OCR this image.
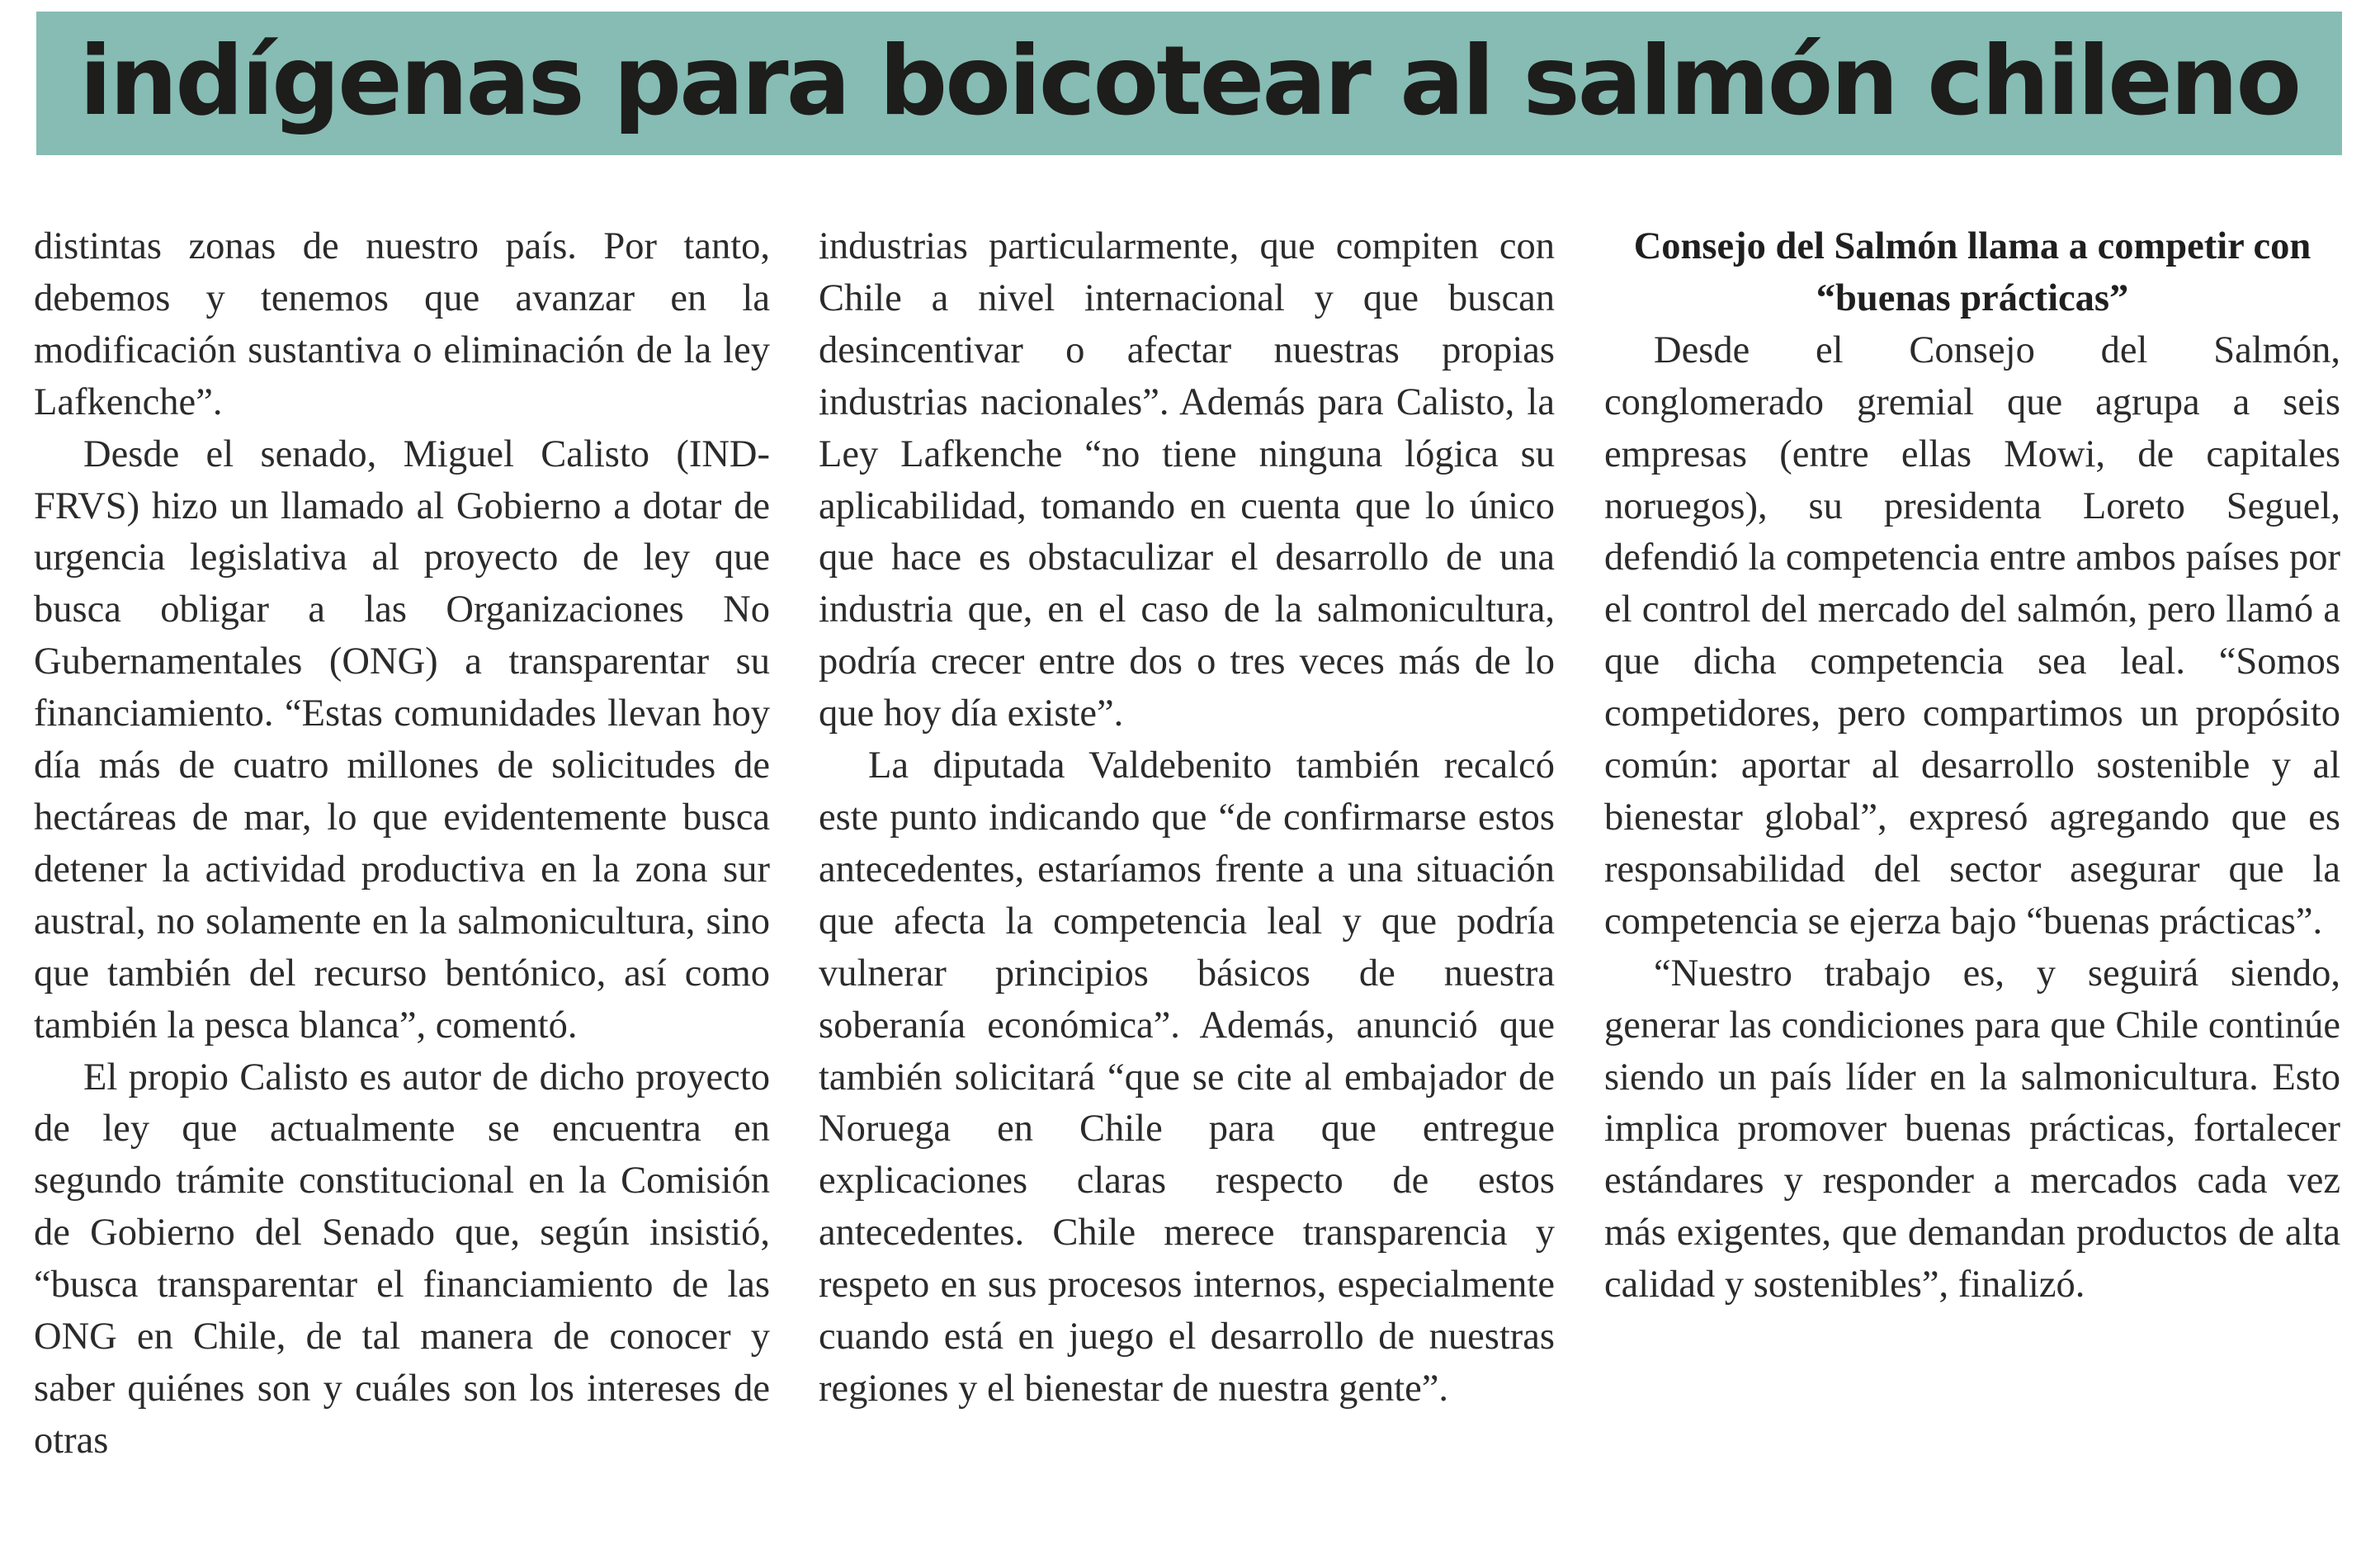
indígenas para boicotear al salmón chileno

distintas zonas de nuestro país. Por tanto, debemos y tenemos que avanzar en la modificación sustantiva o eliminación de la ley Lafkenche”.

Desde el senado, Miguel Calisto (IND-FRVS) hizo un llamado al Gobierno a dotar de urgencia legislativa al proyecto de ley que busca obligar a las Organizaciones No Gubernamentales (ONG) a transparentar su financiamiento. “Estas comunidades llevan hoy día más de cuatro millones de solicitudes de hectáreas de mar, lo que evidentemente busca detener la actividad productiva en la zona sur austral, no solamente en la salmonicultura, sino que también del recurso bentónico, así como también la pesca blanca”, comentó.

El propio Calisto es autor de dicho proyecto de ley que actualmente se encuentra en segundo trámite constitucional en la Comisión de Gobierno del Senado que, según insistió, “busca transparentar el financiamiento de las ONG en Chile, de tal manera de conocer y saber quiénes son y cuáles son los intereses de otras

industrias particularmente, que compiten con Chile a nivel internacional y que buscan desincentivar o afectar nuestras propias industrias nacionales”. Además para Calisto, la Ley Lafkenche “no tiene ninguna lógica su aplicabilidad, tomando en cuenta que lo único que hace es obstaculizar el desarrollo de una industria que, en el caso de la salmonicultura, podría crecer entre dos o tres veces más de lo que hoy día existe”.

La diputada Valdebenito también recalcó este punto indicando que “de confirmarse estos antecedentes, estaríamos frente a una situación que afecta la competencia leal y que podría vulnerar principios básicos de nuestra soberanía económica”. Además, anunció que también solicitará “que se cite al embajador de Noruega en Chile para que entregue explicaciones claras respecto de estos antecedentes. Chile merece transparencia y respeto en sus procesos internos, especialmente cuando está en juego el desarrollo de nuestras regiones y el bienestar de nuestra gente”.

Consejo del Salmón llama a competir con “buenas prácticas”

Desde el Consejo del Salmón, conglomerado gremial que agrupa a seis empresas (entre ellas Mowi, de capitales noruegos), su presidenta Loreto Seguel, defendió la competencia entre ambos países por el control del mercado del salmón, pero llamó a que dicha competencia sea leal. “Somos competidores, pero compartimos un propósito común: aportar al desarrollo sostenible y al bienestar global”, expresó agregando que es responsabilidad del sector asegurar que la competencia se ejerza bajo “buenas prácticas”.

“Nuestro trabajo es, y seguirá siendo, generar las condiciones para que Chile continúe siendo un país líder en la salmonicultura. Esto implica promover buenas prácticas, fortalecer estándares y responder a mercados cada vez más exigentes, que demandan productos de alta calidad y sostenibles”, finalizó.
